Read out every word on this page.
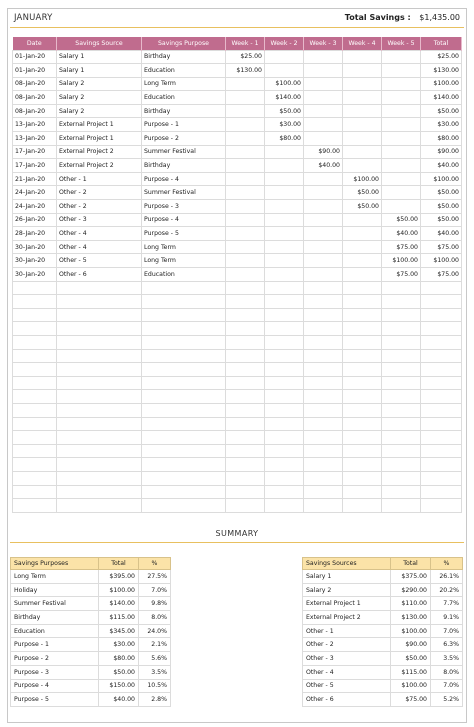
JANUARY	Total Savings : $1,435.00
Date	Savings Source	Savings Purpose	Week - 1	Week - 2	Week - 3	Week - 4	Week - 5	Total
01-Jan-20	Salary 1	Birthday	$25.00					$25.00
01-Jan-20	Salary 1	Education	$130.00					$130.00
08-Jan-20	Salary 2	Long Term		$100.00				$100.00
08-Jan-20	Salary 2	Education		$140.00				$140.00
08-Jan-20	Salary 2	Birthday		$50.00				$50.00
13-Jan-20	External Project 1	Purpose - 1		$30.00				$30.00
13-Jan-20	External Project 1	Purpose - 2		$80.00				$80.00
17-Jan-20	External Project 2	Summer Festival			$90.00			$90.00
17-Jan-20	External Project 2	Birthday			$40.00			$40.00
21-Jan-20	Other - 1	Purpose - 4				$100.00		$100.00
24-Jan-20	Other - 2	Summer Festival				$50.00		$50.00
24-Jan-20	Other - 2	Purpose - 3				$50.00		$50.00
26-Jan-20	Other - 3	Purpose - 4					$50.00	$50.00
28-Jan-20	Other - 4	Purpose - 5					$40.00	$40.00
30-Jan-20	Other - 4	Long Term					$75.00	$75.00
30-Jan-20	Other - 5	Long Term					$100.00	$100.00
30-Jan-20	Other - 6	Education					$75.00	$75.00

SUMMARY
Savings Purposes	Total	%
Long Term	$395.00	27.5%
Holiday	$100.00	7.0%
Summer Festival	$140.00	9.8%
Birthday	$115.00	8.0%
Education	$345.00	24.0%
Purpose - 1	$30.00	2.1%
Purpose - 2	$80.00	5.6%
Purpose - 3	$50.00	3.5%
Purpose - 4	$150.00	10.5%
Purpose - 5	$40.00	2.8%
Savings Sources	Total	%
Salary 1	$375.00	26.1%
Salary 2	$290.00	20.2%
External Project 1	$110.00	7.7%
External Project 2	$130.00	9.1%
Other - 1	$100.00	7.0%
Other - 2	$90.00	6.3%
Other - 3	$50.00	3.5%
Other - 4	$115.00	8.0%
Other - 5	$100.00	7.0%
Other - 6	$75.00	5.2%
